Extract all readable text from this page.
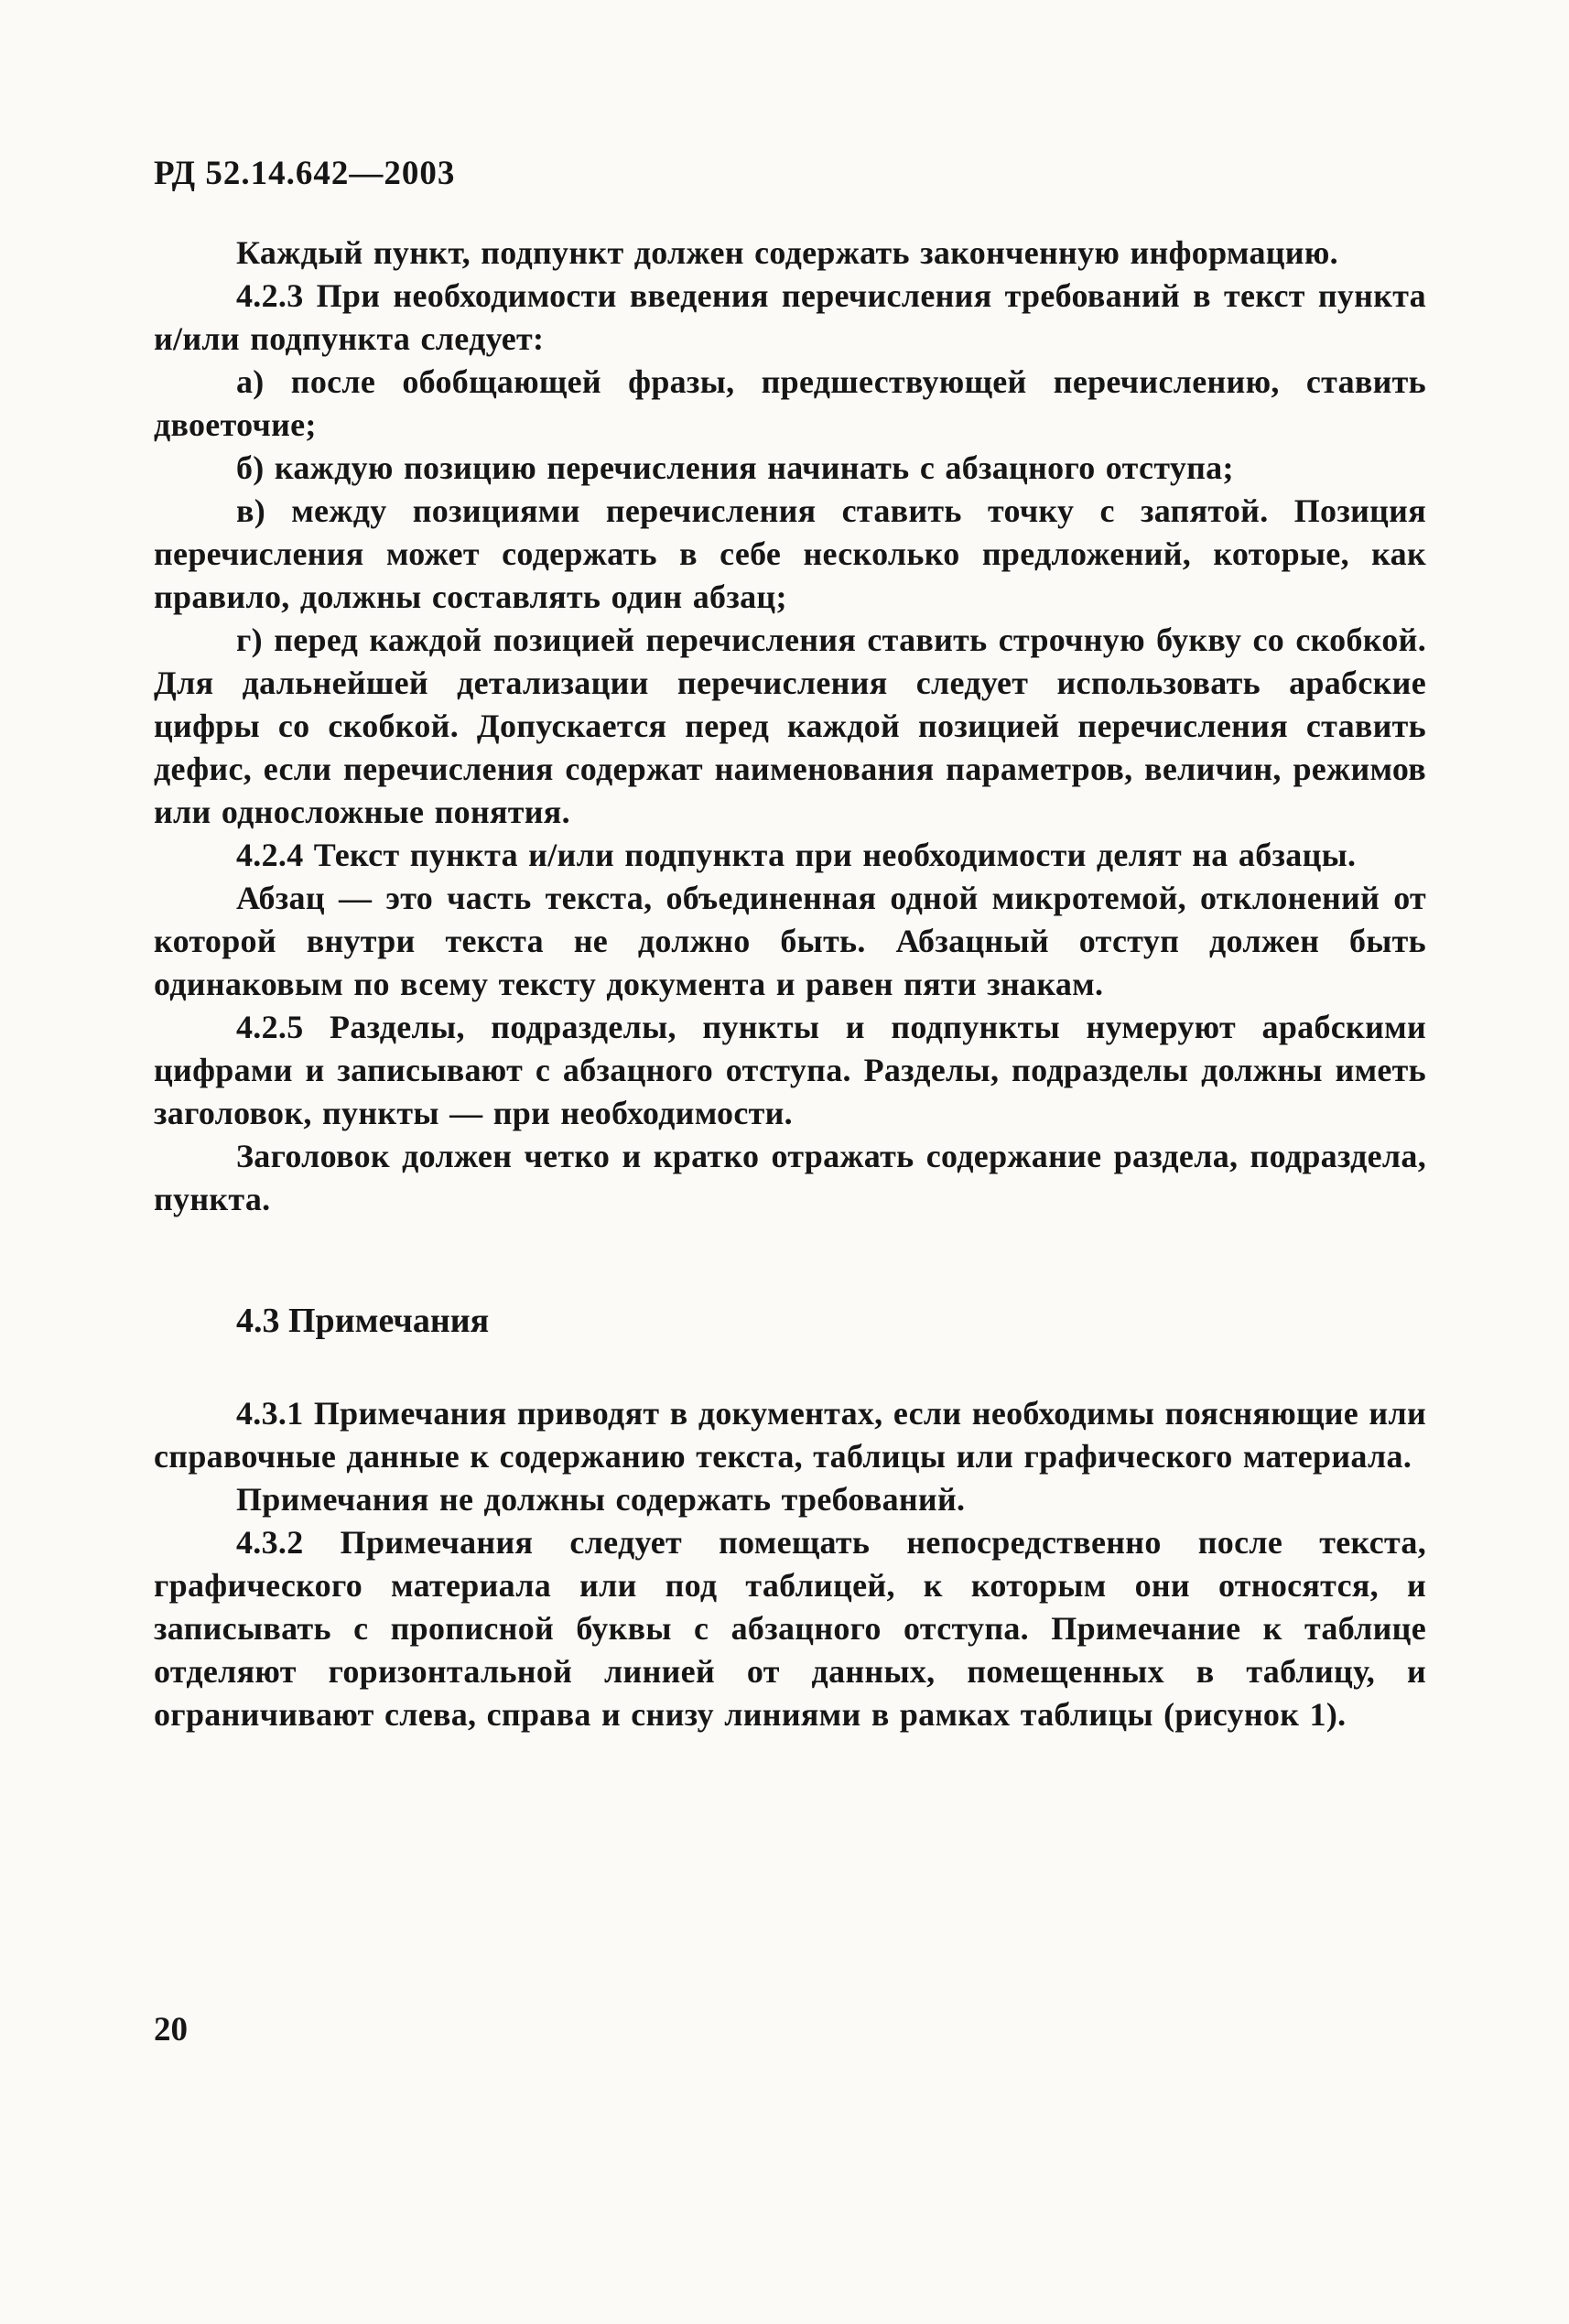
РД 52.14.642—2003

Каждый пункт, подпункт должен содержать законченную информацию.

4.2.3 При необходимости введения перечисления требований в текст пункта и/или подпункта следует:

а) после обобщающей фразы, предшествующей перечислению, ставить двоеточие;

б) каждую позицию перечисления начинать с абзацного отступа;

в) между позициями перечисления ставить точку с запятой. Позиция перечисления может содержать в себе несколько предложений, которые, как правило, должны составлять один абзац;

г) перед каждой позицией перечисления ставить строчную букву со скобкой. Для дальнейшей детализации перечисления следует использовать арабские цифры со скобкой. Допускается перед каждой позицией перечисления ставить дефис, если перечисления содержат наименования параметров, величин, режимов или односложные понятия.

4.2.4 Текст пункта и/или подпункта при необходимости делят на абзацы.

Абзац — это часть текста, объединенная одной микротемой, отклонений от которой внутри текста не должно быть. Абзацный отступ должен быть одинаковым по всему тексту документа и равен пяти знакам.

4.2.5 Разделы, подразделы, пункты и подпункты нумеруют арабскими цифрами и записывают с абзацного отступа. Разделы, подразделы должны иметь заголовок, пункты — при необходимости.

Заголовок должен четко и кратко отражать содержание раздела, подраздела, пункта.

4.3 Примечания

4.3.1 Примечания приводят в документах, если необходимы поясняющие или справочные данные к содержанию текста, таблицы или графического материала.

Примечания не должны содержать требований.

4.3.2 Примечания следует помещать непосредственно после текста, графического материала или под таблицей, к которым они относятся, и записывать с прописной буквы с абзацного отступа. Примечание к таблице отделяют горизонтальной линией от данных, помещенных в таблицу, и ограничивают слева, справа и снизу линиями в рамках таблицы (рисунок 1).

20
